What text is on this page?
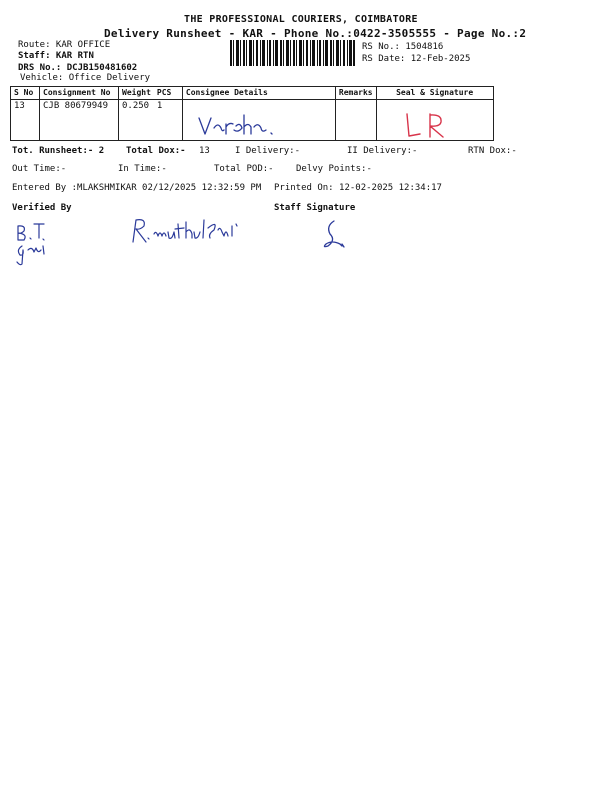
THE PROFESSIONAL COURIERS, COIMBATORE
Delivery Runsheet - KAR - Phone No.:0422-3505555 - Page No.:2
Route: KAR OFFICE
Staff: KAR RTN
DRS No.: DCJB150481602
Vehicle: Office Delivery
RS No.: 1504816
RS Date: 12-Feb-2025
S No	Consignment No	Weight	PCS	Consignee Details	Remarks	Seal & Signature
13	CJB 80679949	0.250	1			
Tot. Runsheet:- 2 Total Dox:- 13	I Delivery:-	II Delivery:-	RTN Dox:-
Out Time:-	In Time:-	Total POD:- Delvy Points:-
Entered By :MLAKSHMIKAR 02/12/2025 12:32:59 PM Printed On: 12-02-2025 12:34:17
Verified By	Staff Signature
